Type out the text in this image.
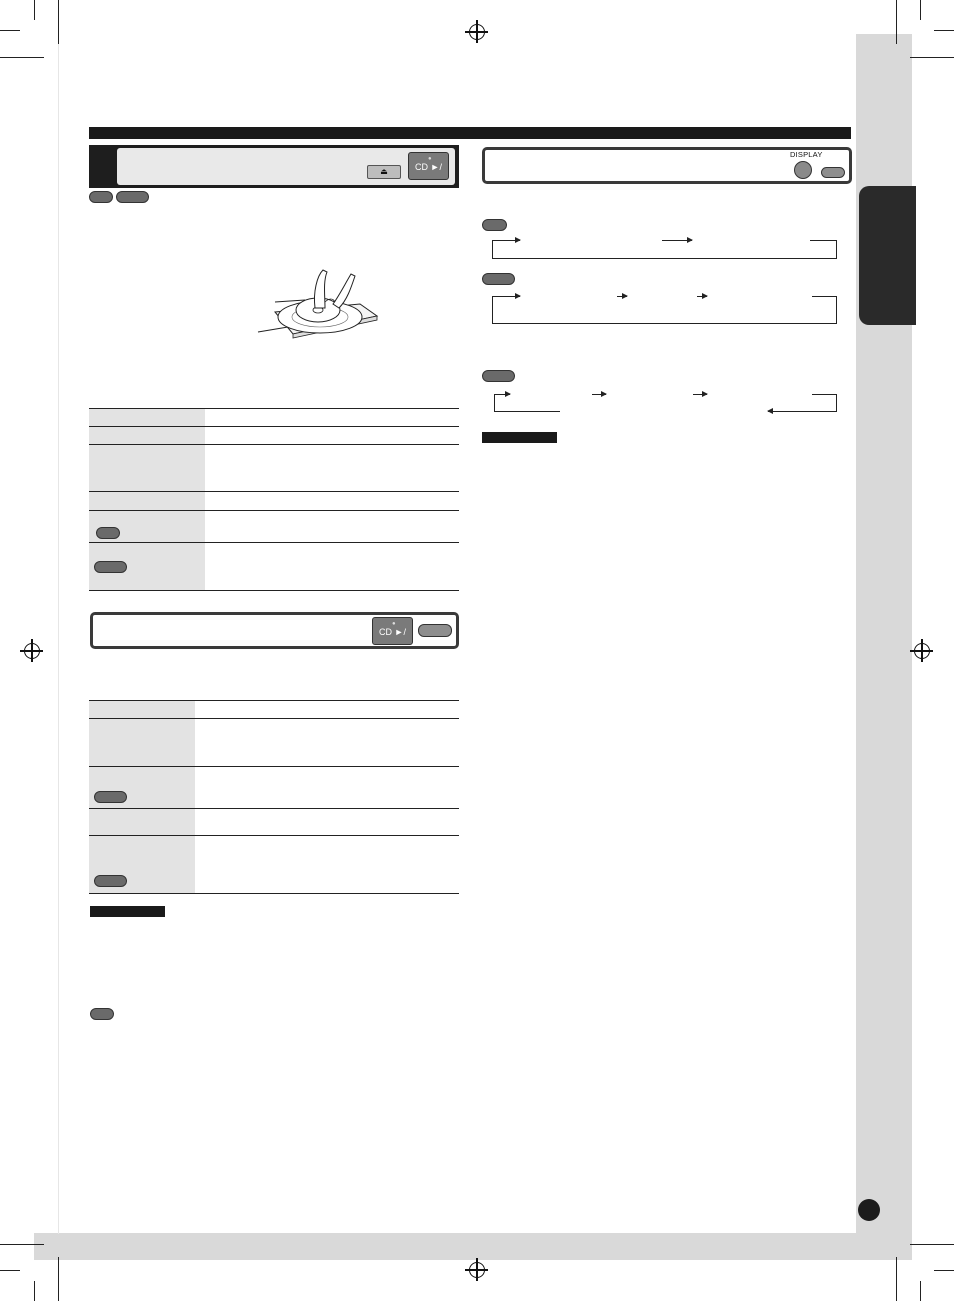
⏏
●
CD ►/❚❚
●
CD ►/❚❚
DISPLAY
